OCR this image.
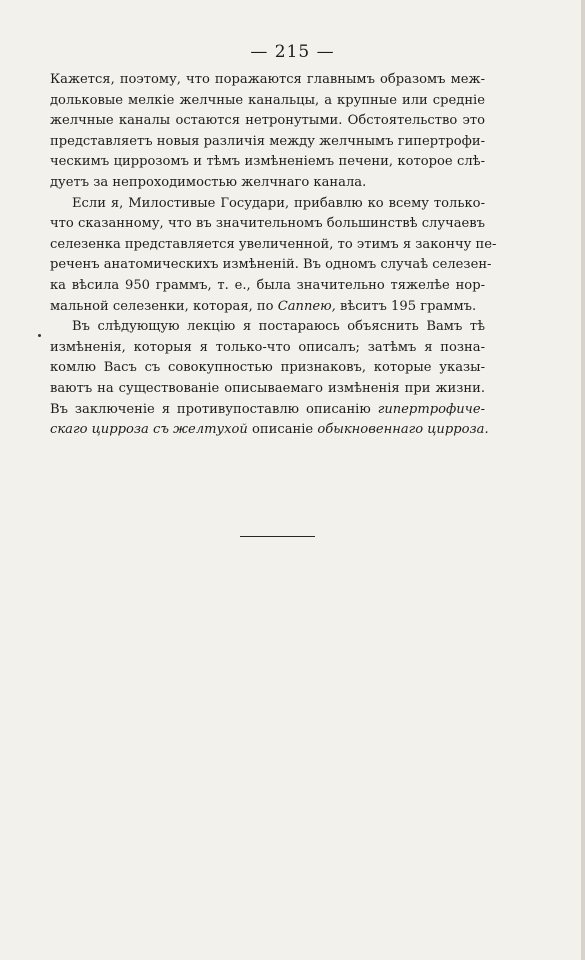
— 215 —
Кажется, поэтому, что поражаются главнымъ образомъ меж-
дольковые мелкіе желчные канальцы, а крупные или средніе
желчные каналы остаются нетронутыми. Обстоятельство это
представляетъ новыя различія между желчнымъ гипертрофи-
ческимъ циррозомъ и тѣмъ измѣненіемъ печени, которое слѣ-
дуетъ за непроходимостью желчнаго канала.
Если я, Милостивые Государи, прибавлю ко всему только-
что сказанному, что въ значительномъ большинствѣ случаевъ
селезенка представляется увеличенной, то этимъ я закончу пе-
реченъ анатомическихъ измѣненій. Въ одномъ случаѣ селезен-
ка вѣсила 950 граммъ, т. е., была значительно тяжелѣе нор-
мальной селезенки, которая, по Саппею, вѣситъ 195 граммъ.
Въ слѣдующую лекцію я постараюсь объяснить Вамъ тѣ
измѣненія, которыя я только-что описалъ; затѣмъ я позна-
комлю Васъ съ совокупностью признаковъ, которые указы-
ваютъ на существованіе описываемаго измѣненія при жизни.
Въ заключеніе я противупоставлю описанію гипертрофиче-
скаго цирроза съ желтухой описаніе обыкновеннаго цирроза.
